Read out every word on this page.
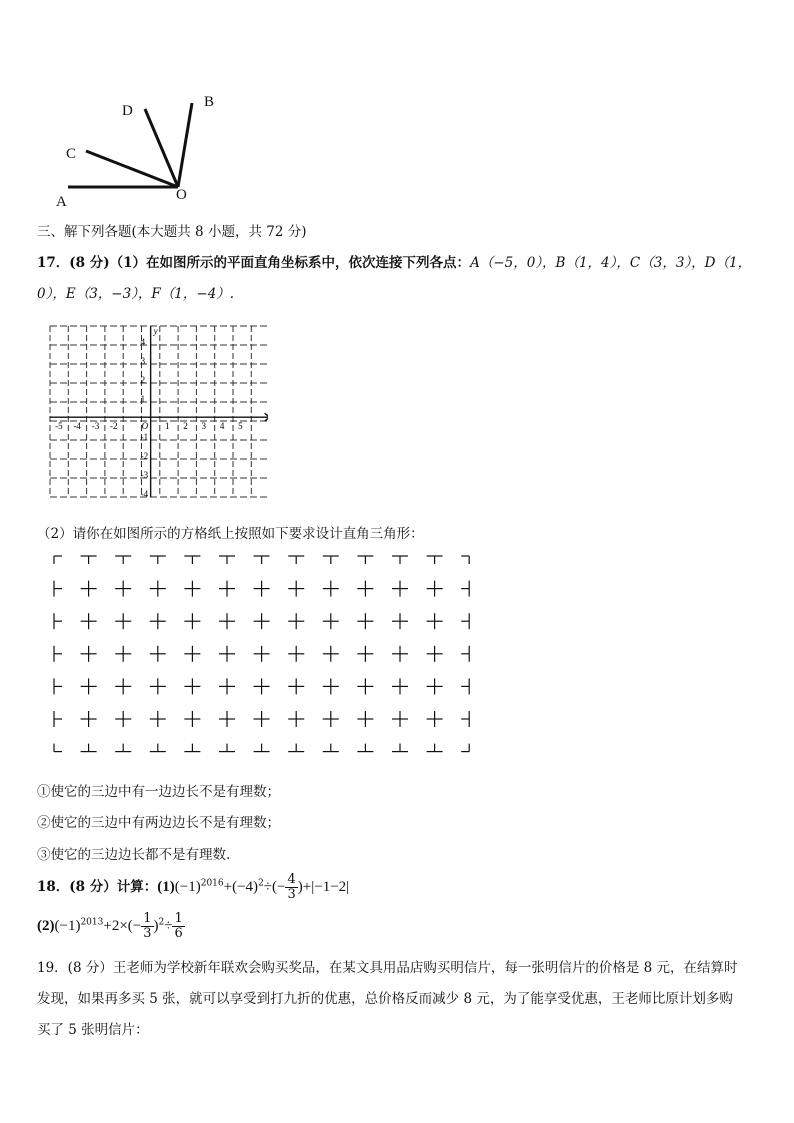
A
C
D
B
O
三、解下列各题(本大题共 8 小题，共 72 分)
17．(8 分)（1）在如图所示的平面直角坐标系中，依次连接下列各点：A（−5，0），B（1，4），C（3，3），D（1，
0），E（3，−3），F（1，−4）.
-5 -4 -3 -2	O 1 2 3 4 5
4
3
2
1
-1
-2
-3
-4
y
（2）请你在如图所示的方格纸上按照如下要求设计直角三角形：
①使它的三边中有一边边长不是有理数；
②使它的三边中有两边边长不是有理数；
③使它的三边边长都不是有理数.
18．(8 分）计算：$(1)(-1)^{2016}+(-4)^2\div(- \frac{4}{3} )+|-1-2|$
$(2)(-1)^{2013}+2\times(- \frac{1}{3} )^2\div \frac{1}{6}$
19．(8 分）王老师为学校新年联欢会购买奖品，在某文具用品店购买明信片，每一张明信片的价格是 8 元，在结算时
发现，如果再多买 5 张，就可以享受到打九折的优惠，总价格反而减少 8 元，为了能享受优惠，王老师比原计划多购
买了 5 张明信片：
